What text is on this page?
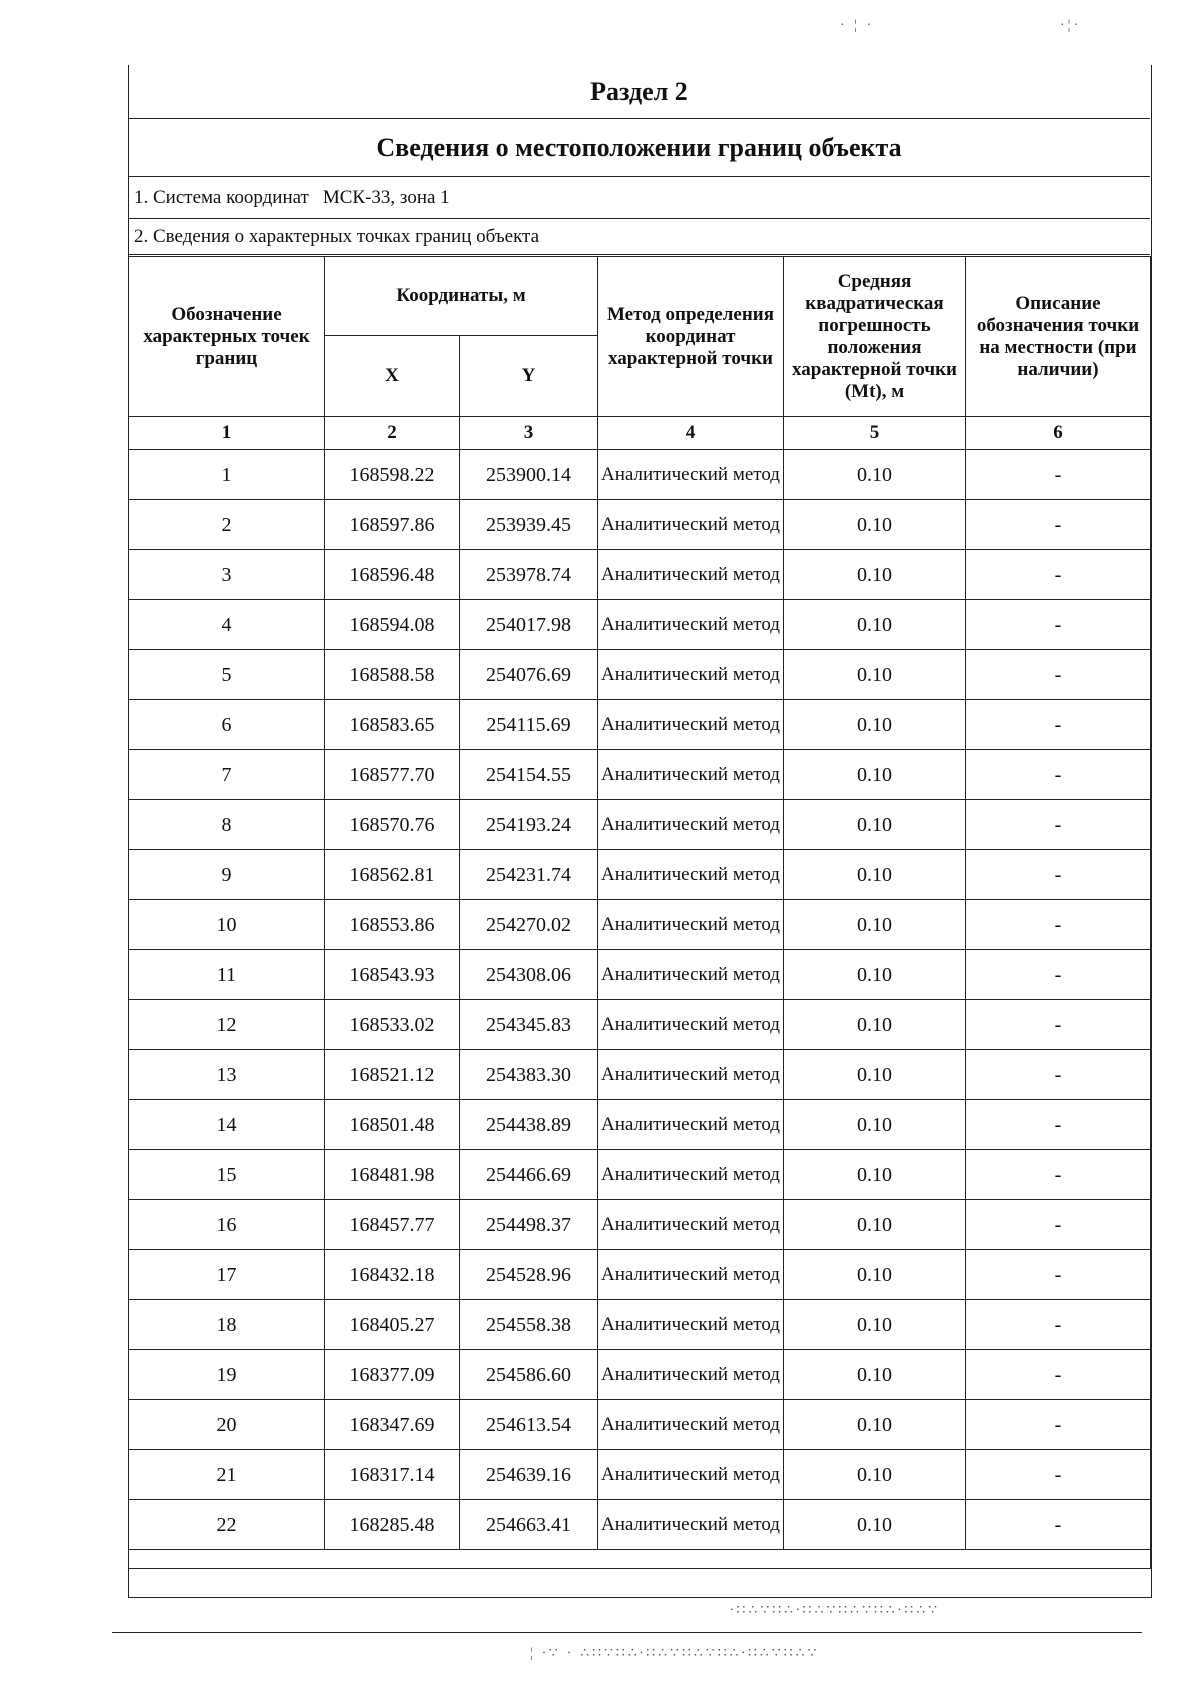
Раздел 2
Сведения о местоположении границ объекта
1. Система координат МСК-33, зона 1
2. Сведения о характерных точках границ объекта
Обозначение характерных точек границ	Координаты, м		Метод определения координат характерной точки	Средняя квадратическая погрешность положения характерной точки (Mt), м	Описание обозначения точки на местности (при наличии)
	X	Y			
1	2	3	4	5	6
1	168598.22	253900.14	Аналитический метод	0.10	-
2	168597.86	253939.45	Аналитический метод	0.10	-
3	168596.48	253978.74	Аналитический метод	0.10	-
4	168594.08	254017.98	Аналитический метод	0.10	-
5	168588.58	254076.69	Аналитический метод	0.10	-
6	168583.65	254115.69	Аналитический метод	0.10	-
7	168577.70	254154.55	Аналитический метод	0.10	-
8	168570.76	254193.24	Аналитический метод	0.10	-
9	168562.81	254231.74	Аналитический метод	0.10	-
10	168553.86	254270.02	Аналитический метод	0.10	-
11	168543.93	254308.06	Аналитический метод	0.10	-
12	168533.02	254345.83	Аналитический метод	0.10	-
13	168521.12	254383.30	Аналитический метод	0.10	-
14	168501.48	254438.89	Аналитический метод	0.10	-
15	168481.98	254466.69	Аналитический метод	0.10	-
16	168457.77	254498.37	Аналитический метод	0.10	-
17	168432.18	254528.96	Аналитический метод	0.10	-
18	168405.27	254558.38	Аналитический метод	0.10	-
19	168377.09	254586.60	Аналитический метод	0.10	-
20	168347.69	254613.54	Аналитический метод	0.10	-
21	168317.14	254639.16	Аналитический метод	0.10	-
22	168285.48	254663.41	Аналитический метод	0.10	-

· ¦ ·	·¦·
∙∷∴∵∷∴∙∷∴∵∷∴∵∷∴∙∷∴∵
¦ ∙∵ ∙ ∴∷∵∷∴∙∷∴∵∷∴∵∷∴∙∷∴∵∷∴∵
